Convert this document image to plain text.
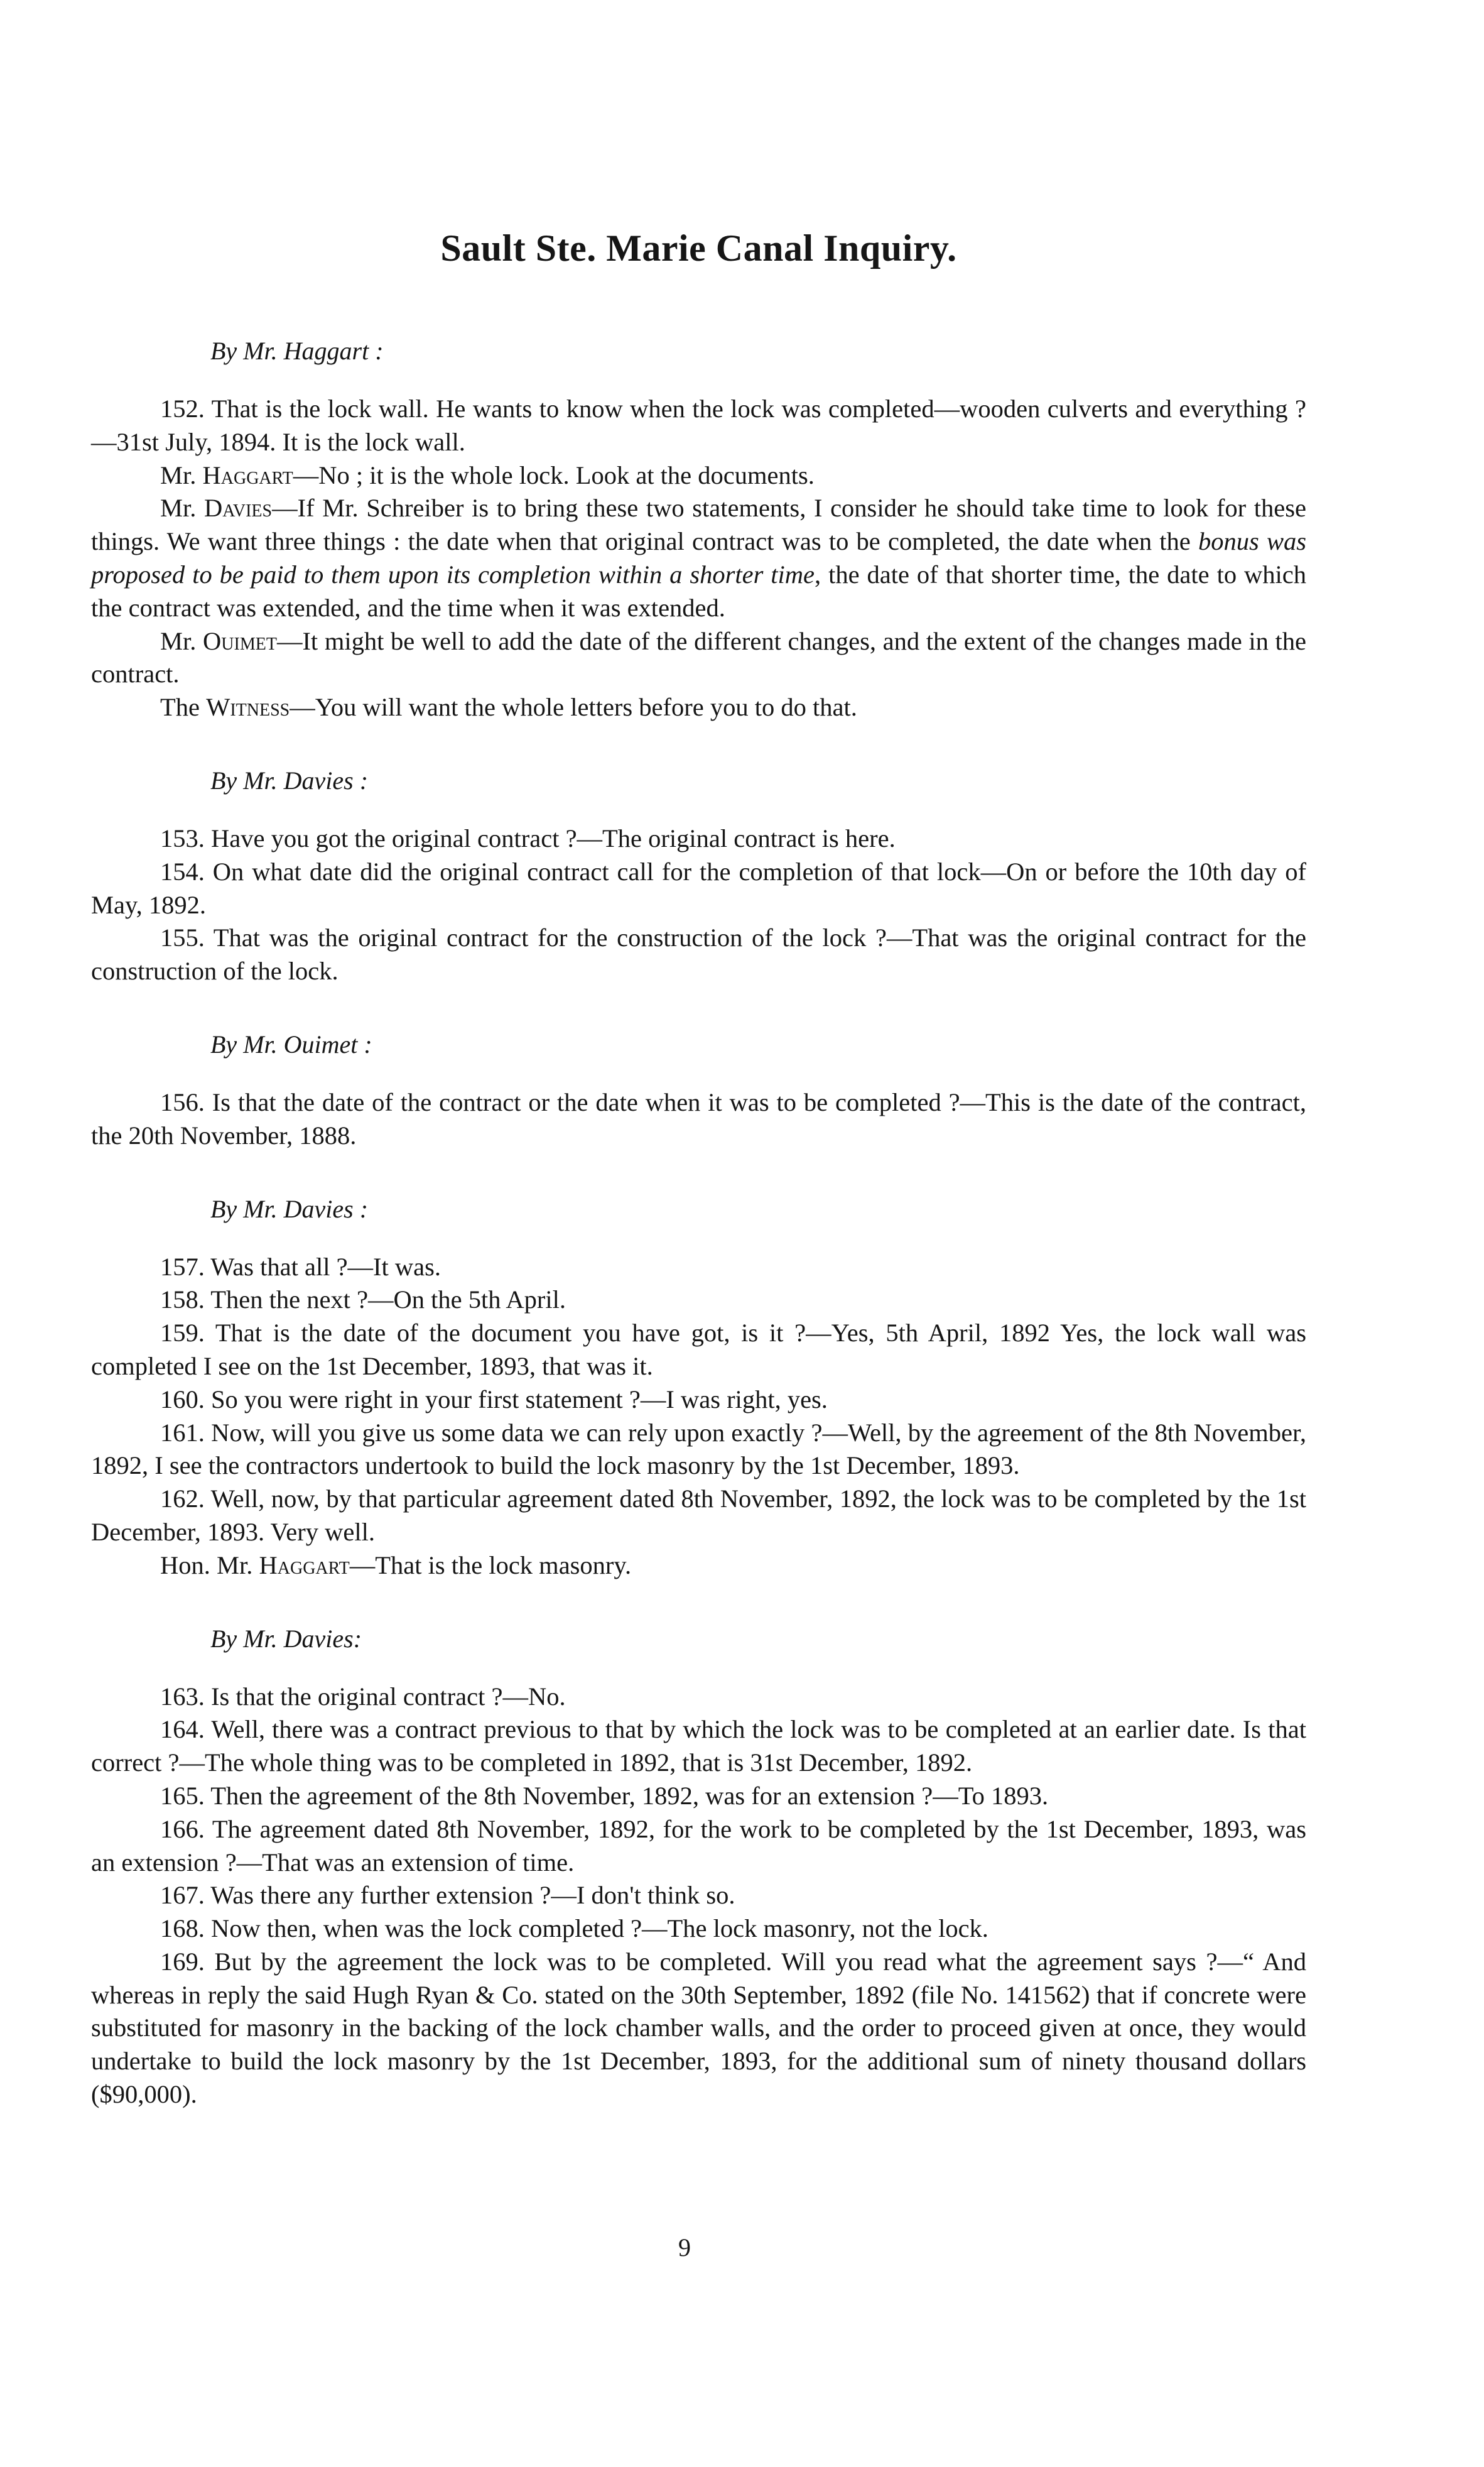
Sault Ste. Marie Canal Inquiry.
By Mr. Haggart :

152. That is the lock wall. He wants to know when the lock was completed—wooden culverts and everything ?—31st July, 1894. It is the lock wall.

Mr. Haggart—No ; it is the whole lock. Look at the documents.

Mr. Davies—If Mr. Schreiber is to bring these two statements, I consider he should take time to look for these things. We want three things : the date when that original contract was to be completed, the date when the bonus was proposed to be paid to them upon its completion within a shorter time, the date of that shorter time, the date to which the contract was extended, and the time when it was extended.

Mr. Ouimet—It might be well to add the date of the different changes, and the extent of the changes made in the contract.

The Witness—You will want the whole letters before you to do that.

By Mr. Davies :

153. Have you got the original contract ?—The original contract is here.

154. On what date did the original contract call for the completion of that lock—On or before the 10th day of May, 1892.

155. That was the original contract for the construction of the lock ?—That was the original contract for the construction of the lock.

By Mr. Ouimet :

156. Is that the date of the contract or the date when it was to be completed ?—This is the date of the contract, the 20th November, 1888.

By Mr. Davies :

157. Was that all ?—It was.

158. Then the next ?—On the 5th April.

159. That is the date of the document you have got, is it ?—Yes, 5th April, 1892 Yes, the lock wall was completed I see on the 1st December, 1893, that was it.

160. So you were right in your first statement ?—I was right, yes.

161. Now, will you give us some data we can rely upon exactly ?—Well, by the agreement of the 8th November, 1892, I see the contractors undertook to build the lock masonry by the 1st December, 1893.

162. Well, now, by that particular agreement dated 8th November, 1892, the lock was to be completed by the 1st December, 1893. Very well.

Hon. Mr. Haggart—That is the lock masonry.

By Mr. Davies:

163. Is that the original contract ?—No.

164. Well, there was a contract previous to that by which the lock was to be completed at an earlier date. Is that correct ?—The whole thing was to be completed in 1892, that is 31st December, 1892.

165. Then the agreement of the 8th November, 1892, was for an extension ?—To 1893.

166. The agreement dated 8th November, 1892, for the work to be completed by the 1st December, 1893, was an extension ?—That was an extension of time.

167. Was there any further extension ?—I don't think so.

168. Now then, when was the lock completed ?—The lock masonry, not the lock.

169. But by the agreement the lock was to be completed. Will you read what the agreement says ?—“ And whereas in reply the said Hugh Ryan & Co. stated on the 30th September, 1892 (file No. 141562) that if concrete were substituted for masonry in the backing of the lock chamber walls, and the order to proceed given at once, they would undertake to build the lock masonry by the 1st December, 1893, for the additional sum of ninety thousand dollars ($90,000).

9
